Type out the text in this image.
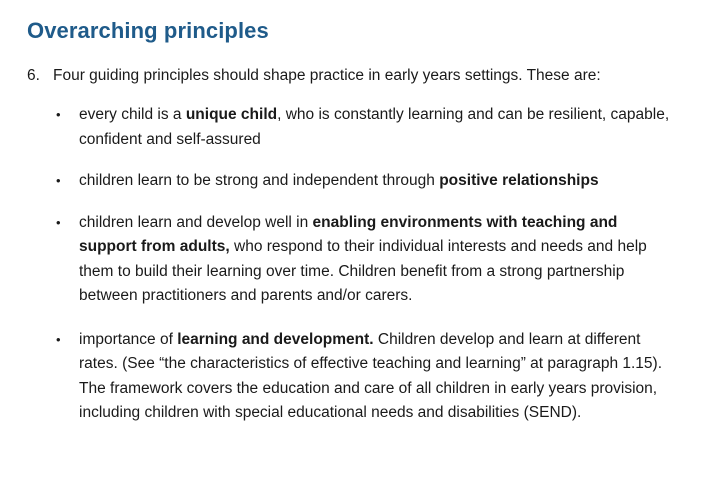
Overarching principles
6. Four guiding principles should shape practice in early years settings. These are:
• every child is a unique child, who is constantly learning and can be resilient, capable, confident and self-assured
• children learn to be strong and independent through positive relationships
• children learn and develop well in enabling environments with teaching and support from adults, who respond to their individual interests and needs and help them to build their learning over time. Children benefit from a strong partnership between practitioners and parents and/or carers.
• importance of learning and development. Children develop and learn at different rates. (See “the characteristics of effective teaching and learning” at paragraph 1.15). The framework covers the education and care of all children in early years provision, including children with special educational needs and disabilities (SEND).
